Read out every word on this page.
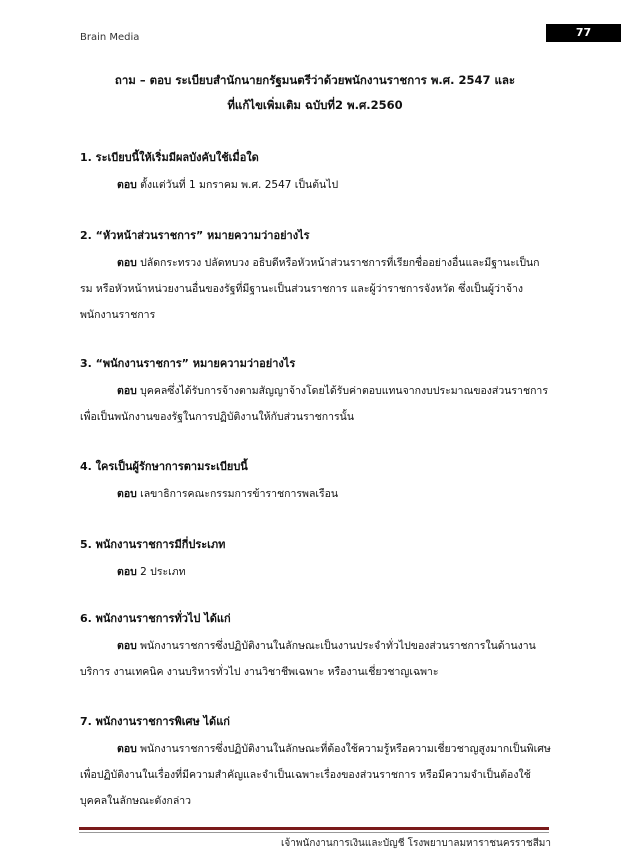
Brain Media	77
ถาม – ตอบ ระเบียบสำนักนายกรัฐมนตรีว่าด้วยพนักงานราชการ พ.ศ. 2547 และ
ที่แก้ไขเพิ่มเติม ฉบับที่2 พ.ศ.2560

1. ระเบียบนี้ให้เริ่มมีผลบังคับใช้เมื่อใด

ตอบ ตั้งแต่วันที่ 1 มกราคม พ.ศ. 2547 เป็นต้นไป

2. “หัวหน้าส่วนราชการ” หมายความว่าอย่างไร

ตอบ ปลัดกระทรวง ปลัดทบวง อธิบดีหรือหัวหน้าส่วนราชการที่เรียกชื่ออย่างอื่นและมีฐานะเป็นกรม หรือหัวหน้าหน่วยงานอื่นของรัฐที่มีฐานะเป็นส่วนราชการ และผู้ว่าราชการจังหวัด ซึ่งเป็นผู้ว่าจ้างพนักงานราชการ

3. “พนักงานราชการ” หมายความว่าอย่างไร

ตอบ บุคคลซึ่งได้รับการจ้างตามสัญญาจ้างโดยได้รับค่าตอบแทนจากงบประมาณของส่วนราชการ เพื่อเป็นพนักงานของรัฐในการปฏิบัติงานให้กับส่วนราชการนั้น

4. ใครเป็นผู้รักษาการตามระเบียบนี้

ตอบ เลขาธิการคณะกรรมการข้าราชการพลเรือน

5. พนักงานราชการมีกี่ประเภท

ตอบ 2 ประเภท

6. พนักงานราชการทั่วไป ได้แก่

ตอบ พนักงานราชการซึ่งปฏิบัติงานในลักษณะเป็นงานประจำทั่วไปของส่วนราชการในด้านงานบริการ งานเทคนิค งานบริหารทั่วไป งานวิชาชีพเฉพาะ หรืองานเชี่ยวชาญเฉพาะ

7. พนักงานราชการพิเศษ ได้แก่

ตอบ พนักงานราชการซึ่งปฏิบัติงานในลักษณะที่ต้องใช้ความรู้หรือความเชี่ยวชาญสูงมากเป็นพิเศษ เพื่อปฏิบัติงานในเรื่องที่มีความสำคัญและจำเป็นเฉพาะเรื่องของส่วนราชการ หรือมีความจำเป็นต้องใช้บุคคลในลักษณะดังกล่าว

เจ้าพนักงานการเงินและบัญชี โรงพยาบาลมหาราชนครราชสีมา
